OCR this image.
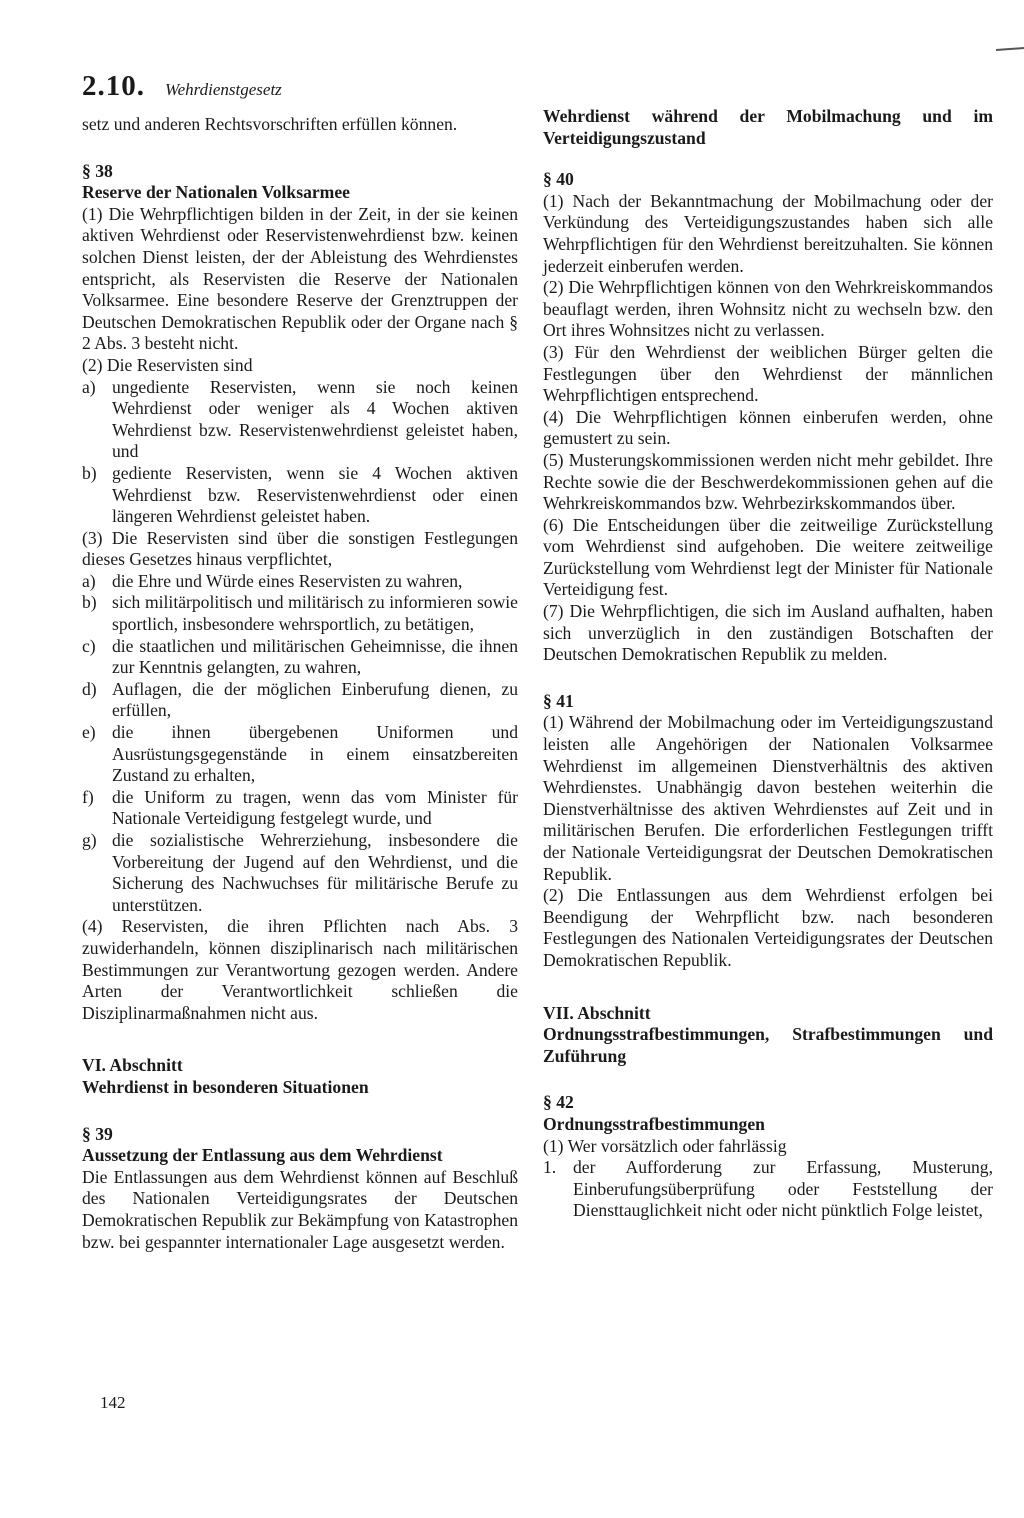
2.10. Wehrdienstgesetz

setz und anderen Rechtsvorschriften erfüllen können.

§ 38

Reserve der Nationalen Volksarmee

(1) Die Wehrpflichtigen bilden in der Zeit, in der sie keinen aktiven Wehrdienst oder Reservistenwehrdienst bzw. keinen solchen Dienst leisten, der der Ableistung des Wehrdienstes entspricht, als Reservisten die Reserve der Nationalen Volksarmee. Eine besondere Reserve der Grenztruppen der Deutschen Demokratischen Republik oder der Organe nach § 2 Abs. 3 besteht nicht.

(2) Die Reservisten sind

a) ungediente Reservisten, wenn sie noch keinen Wehrdienst oder weniger als 4 Wochen aktiven Wehrdienst bzw. Reservistenwehrdienst geleistet haben, und
b) gediente Reservisten, wenn sie 4 Wochen aktiven Wehrdienst bzw. Reservistenwehrdienst oder einen längeren Wehrdienst geleistet haben.

(3) Die Reservisten sind über die sonstigen Festlegungen dieses Gesetzes hinaus verpflichtet,

a) die Ehre und Würde eines Reservisten zu wahren,
b) sich militärpolitisch und militärisch zu informieren sowie sportlich, insbesondere wehrsportlich, zu betätigen,
c) die staatlichen und militärischen Geheimnisse, die ihnen zur Kenntnis gelangten, zu wahren,
d) Auflagen, die der möglichen Einberufung dienen, zu erfüllen,
e) die ihnen übergebenen Uniformen und Ausrüstungsgegenstände in einem einsatzbereiten Zustand zu erhalten,
f)	die Uniform zu tragen, wenn das vom Minister für Nationale Verteidigung festgelegt wurde, und
g) die sozialistische Wehrerziehung, insbesondere die Vorbereitung der Jugend auf den Wehrdienst, und die Sicherung des Nachwuchses für militärische Berufe zu unterstützen.

(4) Reservisten, die ihren Pflichten nach Abs. 3 zuwiderhandeln, können disziplinarisch nach militärischen Bestimmungen zur Verantwortung gezogen werden. Andere Arten der Verantwortlichkeit schließen die Disziplinarmaßnahmen nicht aus.

VI. Abschnitt

Wehrdienst in besonderen Situationen

§ 39

Aussetzung der Entlassung aus dem Wehrdienst

Die Entlassungen aus dem Wehrdienst können auf Beschluß des Nationalen Verteidigungsrates der Deutschen Demokratischen Republik zur Bekämpfung von Katastrophen bzw. bei gespannter internationaler Lage ausgesetzt werden.

Wehrdienst während der Mobilmachung und im Verteidigungszustand

§ 40

(1) Nach der Bekanntmachung der Mobilmachung oder der Verkündung des Verteidigungszustandes haben sich alle Wehrpflichtigen für den Wehrdienst bereitzuhalten. Sie können jederzeit einberufen werden.

(2) Die Wehrpflichtigen können von den Wehrkreiskommandos beauflagt werden, ihren Wohnsitz nicht zu wechseln bzw. den Ort ihres Wohnsitzes nicht zu verlassen.

(3) Für den Wehrdienst der weiblichen Bürger gelten die Festlegungen über den Wehrdienst der männlichen Wehrpflichtigen entsprechend.

(4) Die Wehrpflichtigen können einberufen werden, ohne gemustert zu sein.

(5) Musterungskommissionen werden nicht mehr gebildet. Ihre Rechte sowie die der Beschwerdekommissionen gehen auf die Wehrkreiskommandos bzw. Wehrbezirkskommandos über.

(6) Die Entscheidungen über die zeitweilige Zurückstellung vom Wehrdienst sind aufgehoben. Die weitere zeitweilige Zurückstellung vom Wehrdienst legt der Minister für Nationale Verteidigung fest.

(7) Die Wehrpflichtigen, die sich im Ausland aufhalten, haben sich unverzüglich in den zuständigen Botschaften der Deutschen Demokratischen Republik zu melden.

§ 41

(1) Während der Mobilmachung oder im Verteidigungszustand leisten alle Angehörigen der Nationalen Volksarmee Wehrdienst im allgemeinen Dienstverhältnis des aktiven Wehrdienstes. Unabhängig davon bestehen weiterhin die Dienstverhältnisse des aktiven Wehrdienstes auf Zeit und in militärischen Berufen. Die erforderlichen Festlegungen trifft der Nationale Verteidigungsrat der Deutschen Demokratischen Republik.

(2) Die Entlassungen aus dem Wehrdienst erfolgen bei Beendigung der Wehrpflicht bzw. nach besonderen Festlegungen des Nationalen Verteidigungsrates der Deutschen Demokratischen Republik.

VII. Abschnitt

Ordnungsstrafbestimmungen, Strafbestimmungen und Zuführung

§ 42

Ordnungsstrafbestimmungen

(1) Wer vorsätzlich oder fahrlässig

1. der Aufforderung zur Erfassung, Musterung, Einberufungsüberprüfung oder Feststellung der Diensttauglichkeit nicht oder nicht pünktlich Folge leistet,
142
